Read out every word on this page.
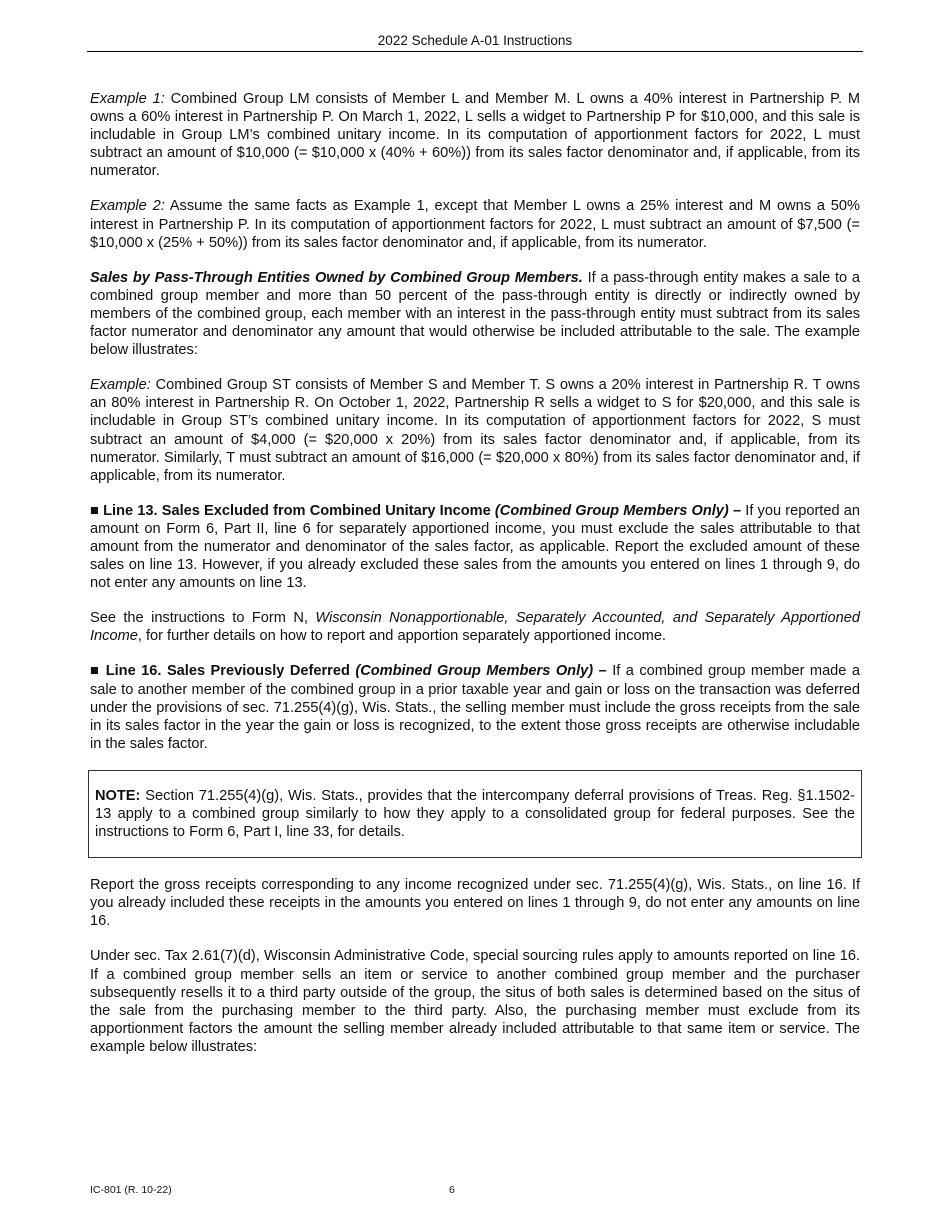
2022 Schedule A-01 Instructions

Example 1: Combined Group LM consists of Member L and Member M. L owns a 40% interest in Partnership P. M owns a 60% interest in Partnership P. On March 1, 2022, L sells a widget to Partnership P for $10,000, and this sale is includable in Group LM’s combined unitary income. In its computation of apportionment factors for 2022, L must subtract an amount of $10,000 (= $10,000 x (40% + 60%)) from its sales factor denominator and, if applicable, from its numerator.

Example 2: Assume the same facts as Example 1, except that Member L owns a 25% interest and M owns a 50% interest in Partnership P. In its computation of apportionment factors for 2022, L must subtract an amount of $7,500 (= $10,000 x (25% + 50%)) from its sales factor denominator and, if applicable, from its numerator.

Sales by Pass-Through Entities Owned by Combined Group Members. If a pass-through entity makes a sale to a combined group member and more than 50 percent of the pass-through entity is directly or indirectly owned by members of the combined group, each member with an interest in the pass-through entity must subtract from its sales factor numerator and denominator any amount that would otherwise be included attributable to the sale. The example below illustrates:

Example: Combined Group ST consists of Member S and Member T. S owns a 20% interest in Partnership R. T owns an 80% interest in Partnership R. On October 1, 2022, Partnership R sells a widget to S for $20,000, and this sale is includable in Group ST’s combined unitary income. In its computation of apportionment factors for 2022, S must subtract an amount of $4,000 (= $20,000 x 20%) from its sales factor denominator and, if applicable, from its numerator. Similarly, T must subtract an amount of $16,000 (= $20,000 x 80%) from its sales factor denominator and, if applicable, from its numerator.

■ Line 13. Sales Excluded from Combined Unitary Income (Combined Group Members Only) – If you reported an amount on Form 6, Part II, line 6 for separately apportioned income, you must exclude the sales attributable to that amount from the numerator and denominator of the sales factor, as applicable. Report the excluded amount of these sales on line 13. However, if you already excluded these sales from the amounts you entered on lines 1 through 9, do not enter any amounts on line 13.

See the instructions to Form N, Wisconsin Nonapportionable, Separately Accounted, and Separately Apportioned Income, for further details on how to report and apportion separately apportioned income.

■ Line 16. Sales Previously Deferred (Combined Group Members Only) – If a combined group member made a sale to another member of the combined group in a prior taxable year and gain or loss on the transaction was deferred under the provisions of sec. 71.255(4)(g), Wis. Stats., the selling member must include the gross receipts from the sale in its sales factor in the year the gain or loss is recognized, to the extent those gross receipts are otherwise includable in the sales factor.

NOTE: Section 71.255(4)(g), Wis. Stats., provides that the intercompany deferral provisions of Treas. Reg. §1.1502-13 apply to a combined group similarly to how they apply to a consolidated group for federal purposes. See the instructions to Form 6, Part I, line 33, for details.

Report the gross receipts corresponding to any income recognized under sec. 71.255(4)(g), Wis. Stats., on line 16. If you already included these receipts in the amounts you entered on lines 1 through 9, do not enter any amounts on line 16.

Under sec. Tax 2.61(7)(d), Wisconsin Administrative Code, special sourcing rules apply to amounts reported on line 16. If a combined group member sells an item or service to another combined group member and the purchaser subsequently resells it to a third party outside of the group, the situs of both sales is determined based on the situs of the sale from the purchasing member to the third party. Also, the purchasing member must exclude from its apportionment factors the amount the selling member already included attributable to that same item or service. The example below illustrates:

IC-801 (R. 10-22)	6
